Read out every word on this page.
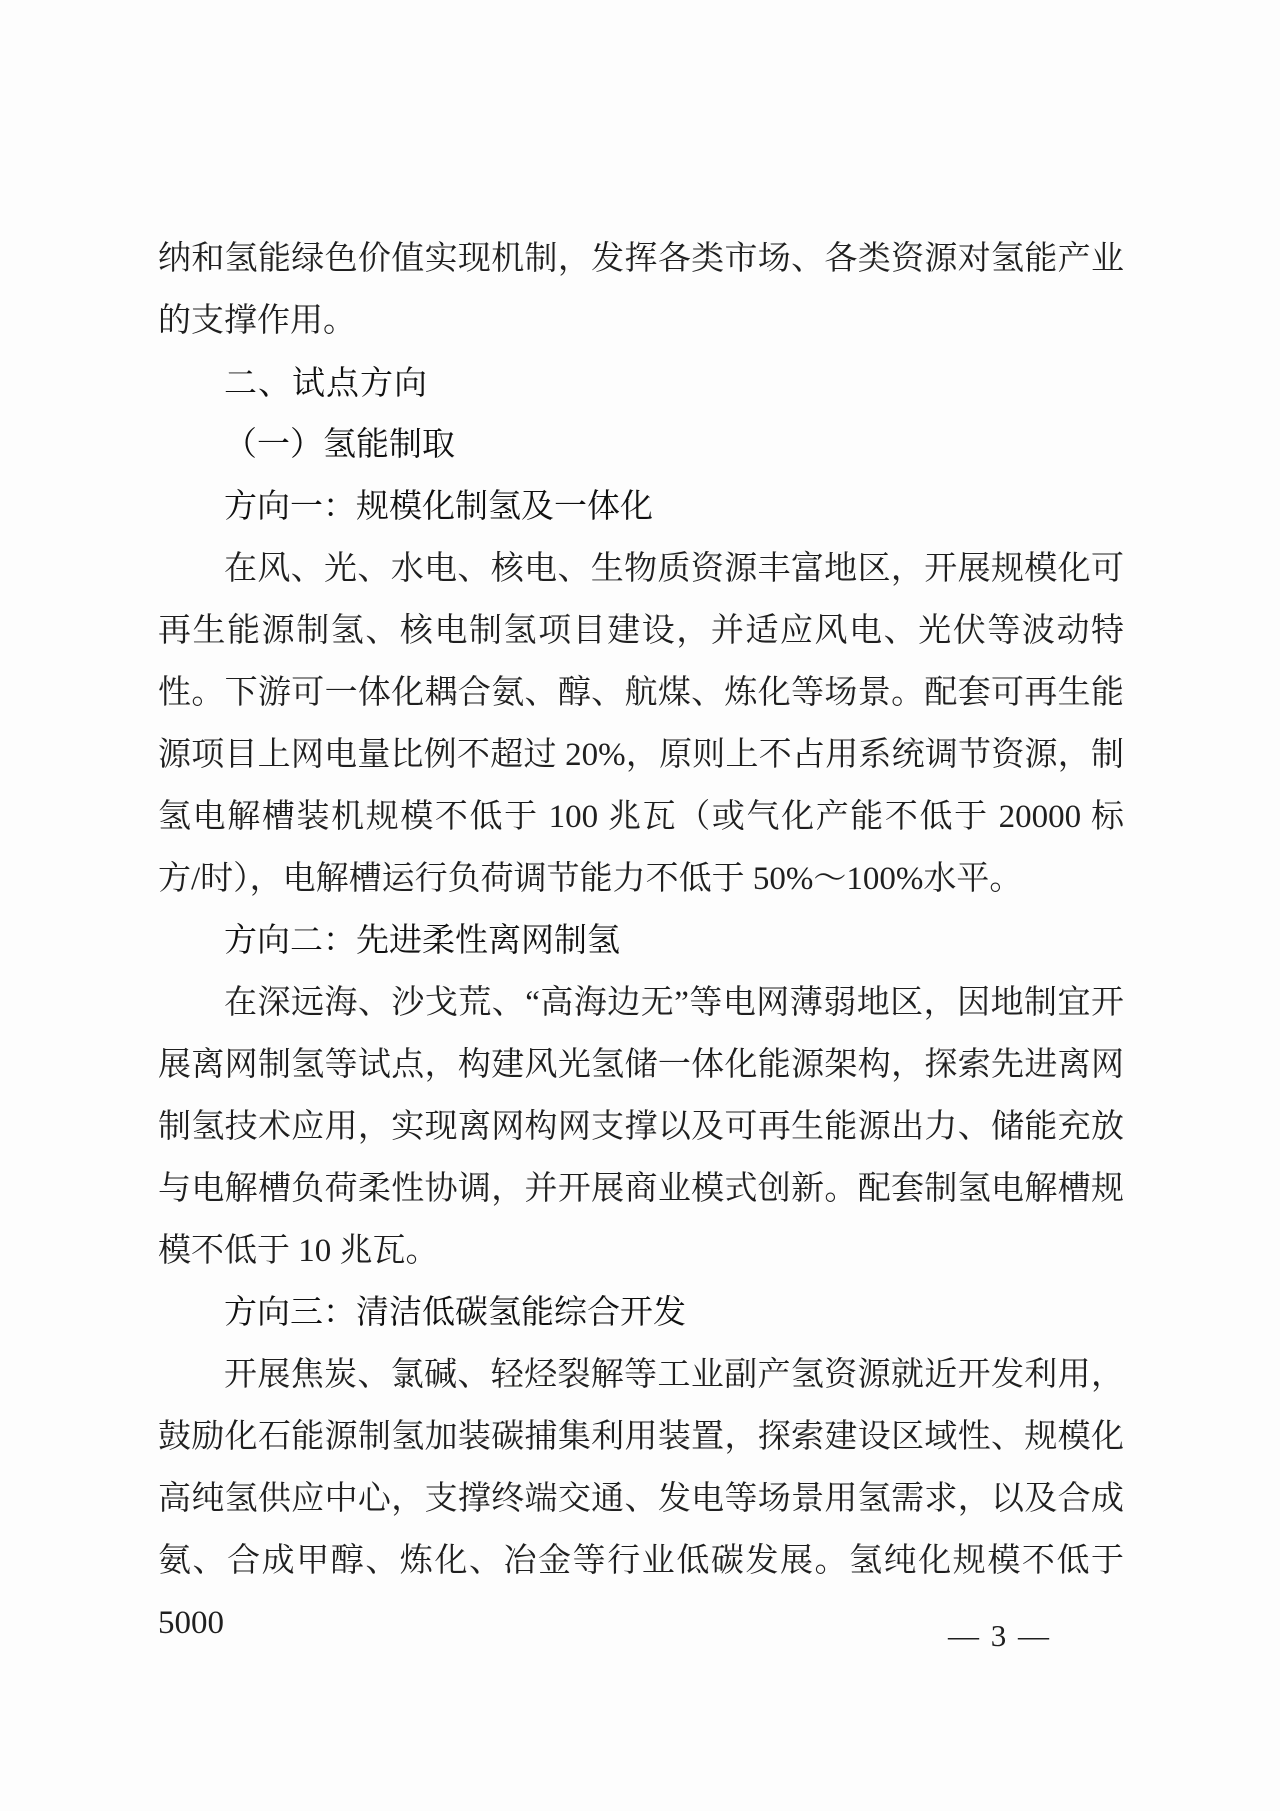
纳和氢能绿色价值实现机制，发挥各类市场、各类资源对氢能产业的支撑作用。

二、试点方向
（一）氢能制取
方向一：规模化制氢及一体化

在风、光、水电、核电、生物质资源丰富地区，开展规模化可再生能源制氢、核电制氢项目建设，并适应风电、光伏等波动特性。下游可一体化耦合氨、醇、航煤、炼化等场景。配套可再生能源项目上网电量比例不超过 20%，原则上不占用系统调节资源，制氢电解槽装机规模不低于 100 兆瓦（或气化产能不低于 20000 标方/时），电解槽运行负荷调节能力不低于 50%～100%水平。

方向二：先进柔性离网制氢

在深远海、沙戈荒、“高海边无”等电网薄弱地区，因地制宜开展离网制氢等试点，构建风光氢储一体化能源架构，探索先进离网制氢技术应用，实现离网构网支撑以及可再生能源出力、储能充放与电解槽负荷柔性协调，并开展商业模式创新。配套制氢电解槽规模不低于 10 兆瓦。

方向三：清洁低碳氢能综合开发

开展焦炭、氯碱、轻烃裂解等工业副产氢资源就近开发利用，鼓励化石能源制氢加装碳捕集利用装置，探索建设区域性、规模化高纯氢供应中心，支撑终端交通、发电等场景用氢需求，以及合成氨、合成甲醇、炼化、冶金等行业低碳发展。氢纯化规模不低于 5000	— 3 —
